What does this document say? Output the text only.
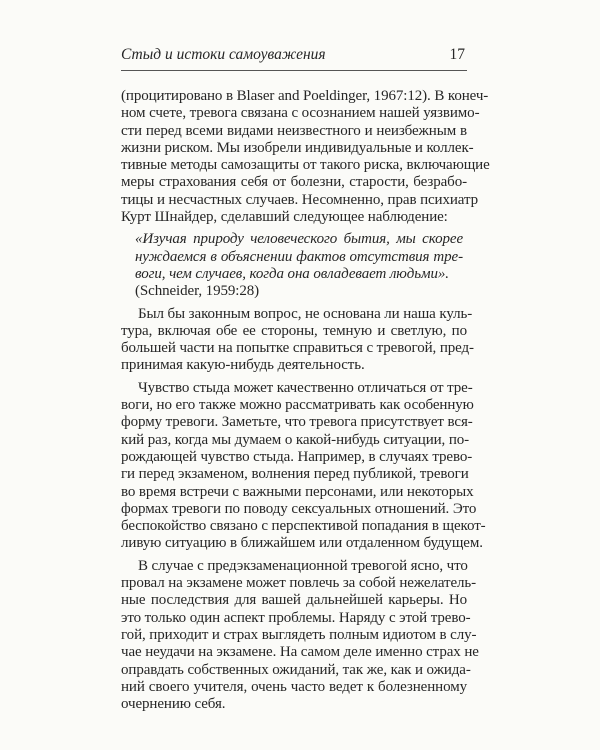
Стыд и истоки самоуважения	17
(процитировано в Blaser and Poeldinger, 1967:12). В конеч-
ном счете, тревога связана с осознанием нашей уязвимо-
сти перед всеми видами неизвестного и неизбежным в
жизни риском. Мы изобрели индивидуальные и коллек-
тивные методы самозащиты от такого риска, включающие
меры страхования себя от болезни, старости, безрабо-
тицы и несчастных случаев. Несомненно, прав психиатр
Курт Шнайдер, сделавший следующее наблюдение:
«Изучая природу человеческого бытия, мы скорее
нуждаемся в объяснении фактов отсутствия тре-
воги, чем случаев, когда она овладевает людьми».
(Schneider, 1959:28)
Был бы законным вопрос, не основана ли наша куль-
тура, включая обе ее стороны, темную и светлую, по
большей части на попытке справиться с тревогой, пред-
принимая какую-нибудь деятельность.
Чувство стыда может качественно отличаться от тре-
воги, но его также можно рассматривать как особенную
форму тревоги. Заметьте, что тревога присутствует вся-
кий раз, когда мы думаем о какой-нибудь ситуации, по-
рождающей чувство стыда. Например, в случаях трево-
ги перед экзаменом, волнения перед публикой, тревоги
во время встречи с важными персонами, или некоторых
формах тревоги по поводу сексуальных отношений. Это
беспокойство связано с перспективой попадания в щекот-
ливую ситуацию в ближайшем или отдаленном будущем.
В случае с предэкзаменационной тревогой ясно, что
провал на экзамене может повлечь за собой нежелатель-
ные последствия для вашей дальнейшей карьеры. Но
это только один аспект проблемы. Наряду с этой трево-
гой, приходит и страх выглядеть полным идиотом в слу-
чае неудачи на экзамене. На самом деле именно страх не
оправдать собственных ожиданий, так же, как и ожида-
ний своего учителя, очень часто ведет к болезненному
очернению себя.
